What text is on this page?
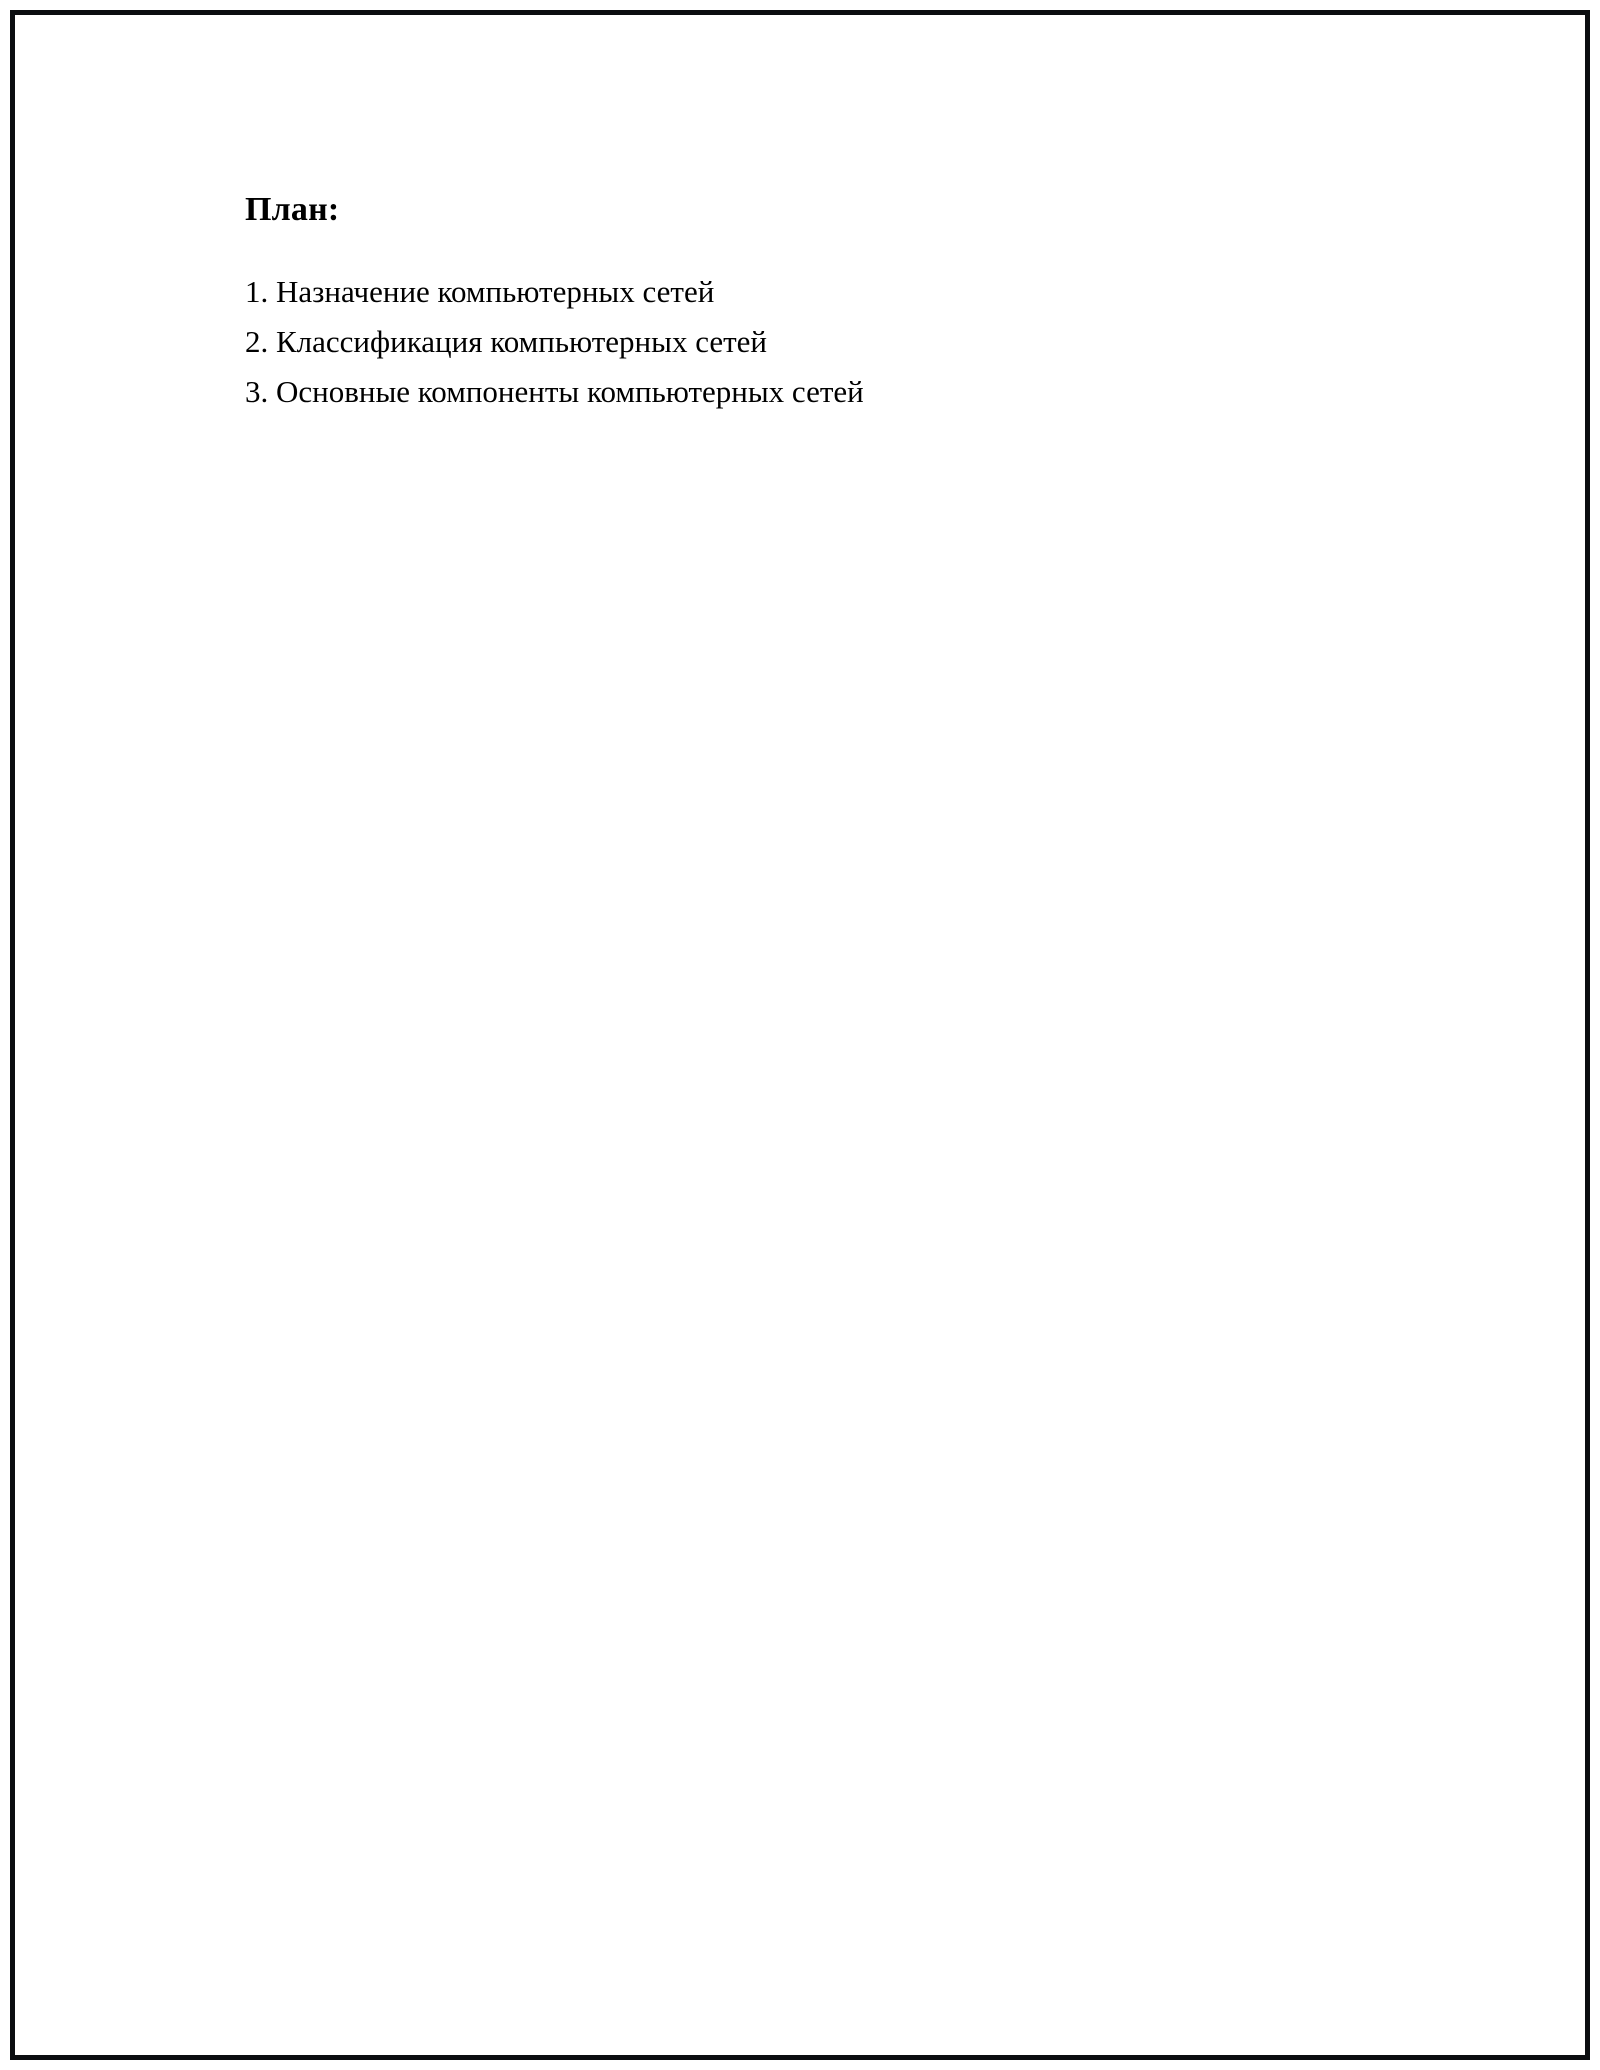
План:
1. Назначение компьютерных сетей
2. Классификация компьютерных сетей
3. Основные компоненты компьютерных сетей
